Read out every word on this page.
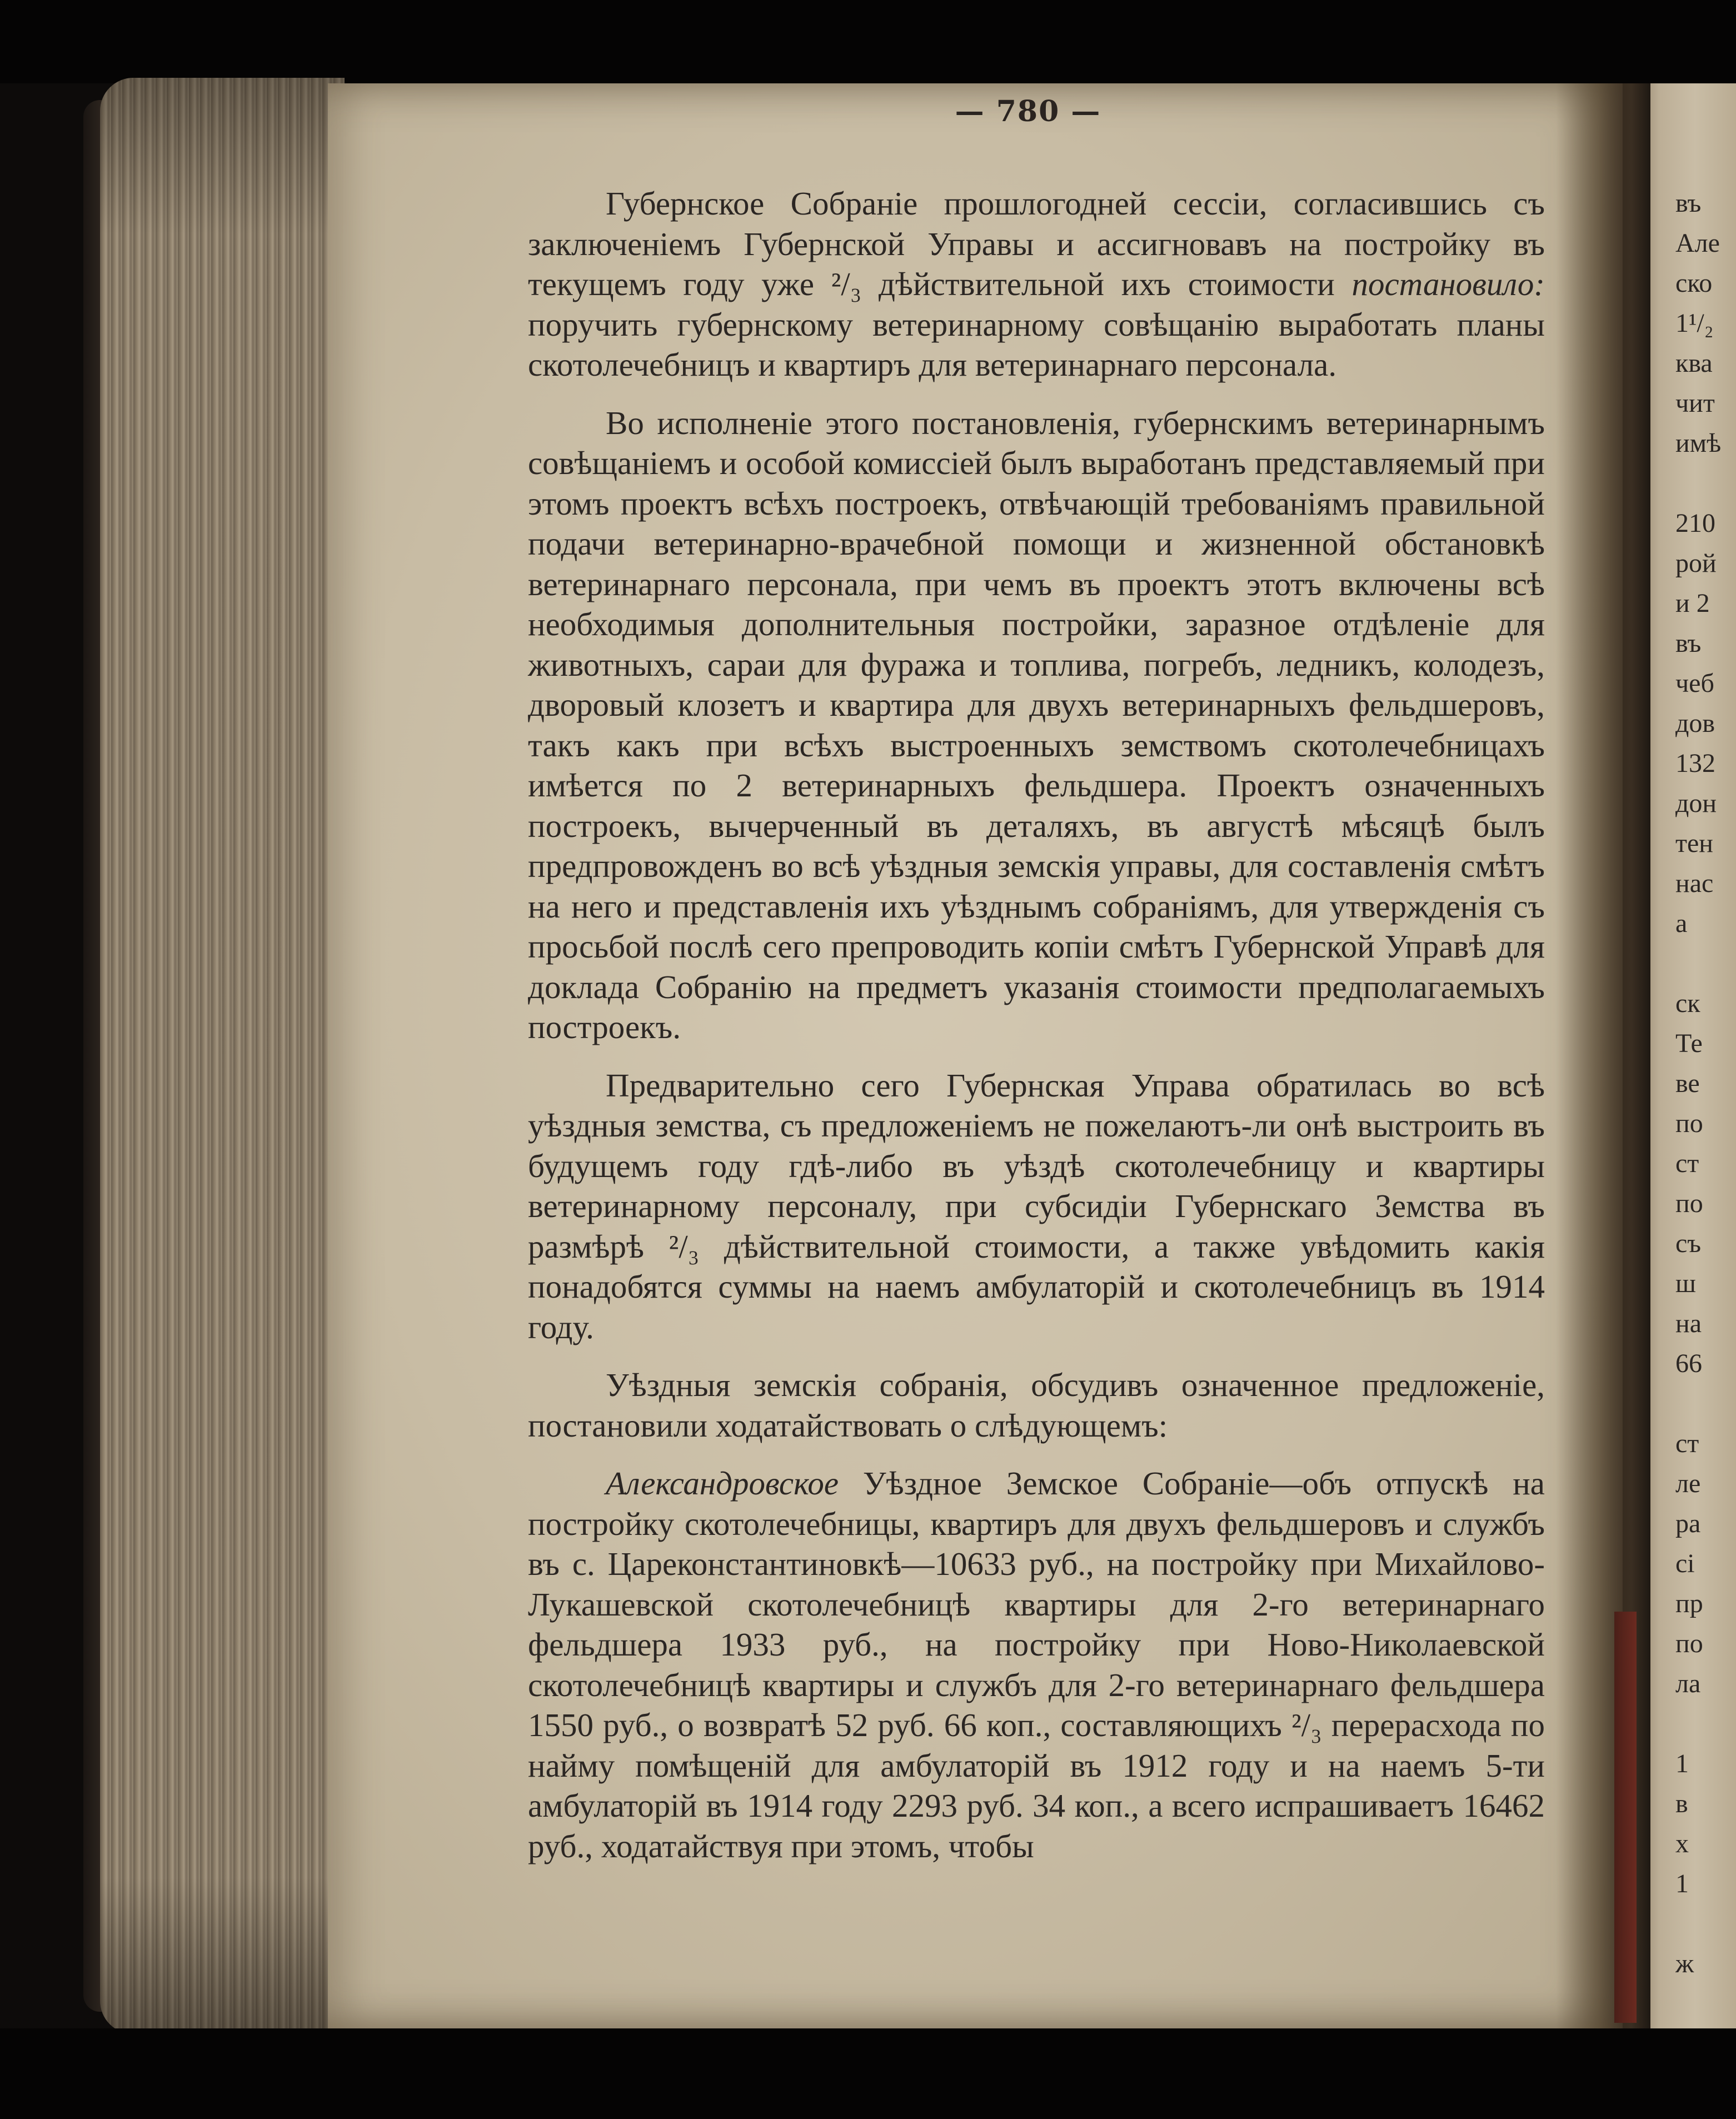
— 780 —

Губернское Собраніе прошлогодней сессіи, согласившись съ заключеніемъ Губернской Управы и ассигновавъ на постройку въ текущемъ году уже ²/₃ дѣйствительной ихъ стоимости постановило: поручить губернскому ветеринарному совѣщанію выработать планы скотолечебницъ и квартиръ для ветеринарнаго персонала.

Во исполненіе этого постановленія, губернскимъ ветеринарнымъ совѣщаніемъ и особой комиссіей былъ выработанъ представляемый при этомъ проектъ всѣхъ построекъ, отвѣчающій требованіямъ правильной подачи ветеринарно-врачебной помощи и жизненной обстановкѣ ветеринарнаго персонала, при чемъ въ проектъ этотъ включены всѣ необходимыя дополнительныя постройки, заразное отдѣленіе для животныхъ, сараи для фуража и топлива, погребъ, ледникъ, колодезъ, дворовый клозетъ и квартира для двухъ ветеринарныхъ фельдшеровъ, такъ какъ при всѣхъ выстроенныхъ земствомъ скотолечебницахъ имѣется по 2 ветеринарныхъ фельдшера. Проектъ означенныхъ построекъ, вычерченный въ деталяхъ, въ августѣ мѣсяцѣ былъ предпровожденъ во всѣ уѣздныя земскія управы, для составленія смѣтъ на него и представленія ихъ уѣзднымъ собраніямъ, для утвержденія съ просьбой послѣ сего препроводить копіи смѣтъ Губернской Управѣ для доклада Собранію на предметъ указанія стоимости предполагаемыхъ построекъ.

Предварительно сего Губернская Управа обратилась во всѣ уѣздныя земства, съ предложеніемъ не пожелаютъ-ли онѣ выстроить въ будущемъ году гдѣ-либо въ уѣздѣ скотолечебницу и квартиры ветеринарному персоналу, при субсидіи Губернскаго Земства въ размѣрѣ ²/₃ дѣйствительной стоимости, а также увѣдомить какія понадобятся суммы на наемъ амбулаторій и скотолечебницъ въ 1914 году.

Уѣздныя земскія собранія, обсудивъ означенное предложеніе, постановили ходатайствовать о слѣдующемъ:

Александровское Уѣздное Земское Собраніе—объ отпускѣ на постройку скотолечебницы, квартиръ для двухъ фельдшеровъ и службъ въ с. Цареконстантиновкѣ—10633 руб., на постройку при Михайлово-Лукашевской скотолечебницѣ квартиры для 2-го ветеринарнаго фельдшера 1933 руб., на постройку при Ново-Николаевской скотолечебницѣ квартиры и службъ для 2-го ветеринарнаго фельдшера 1550 руб., о возвратѣ 52 руб. 66 коп., составляющихъ ²/₃ перерасхода по найму помѣщеній для амбулаторій въ 1912 году и на наемъ 5-ти амбулаторій въ 1914 году 2293 руб. 34 коп., а всего испрашиваетъ 16462 руб., ходатайствуя при этомъ, чтобы

въ
Але
ско
1¹/₂
ква
чит
имѣ
210
рой
и 2
въ
чеб
дов
132
дон
тен
нас
а
ск
Те
ве
по
ст
по
съ
ш
на
66
ст
ле
ра
сі
пр
по
ла
1
в
х
1
ж
